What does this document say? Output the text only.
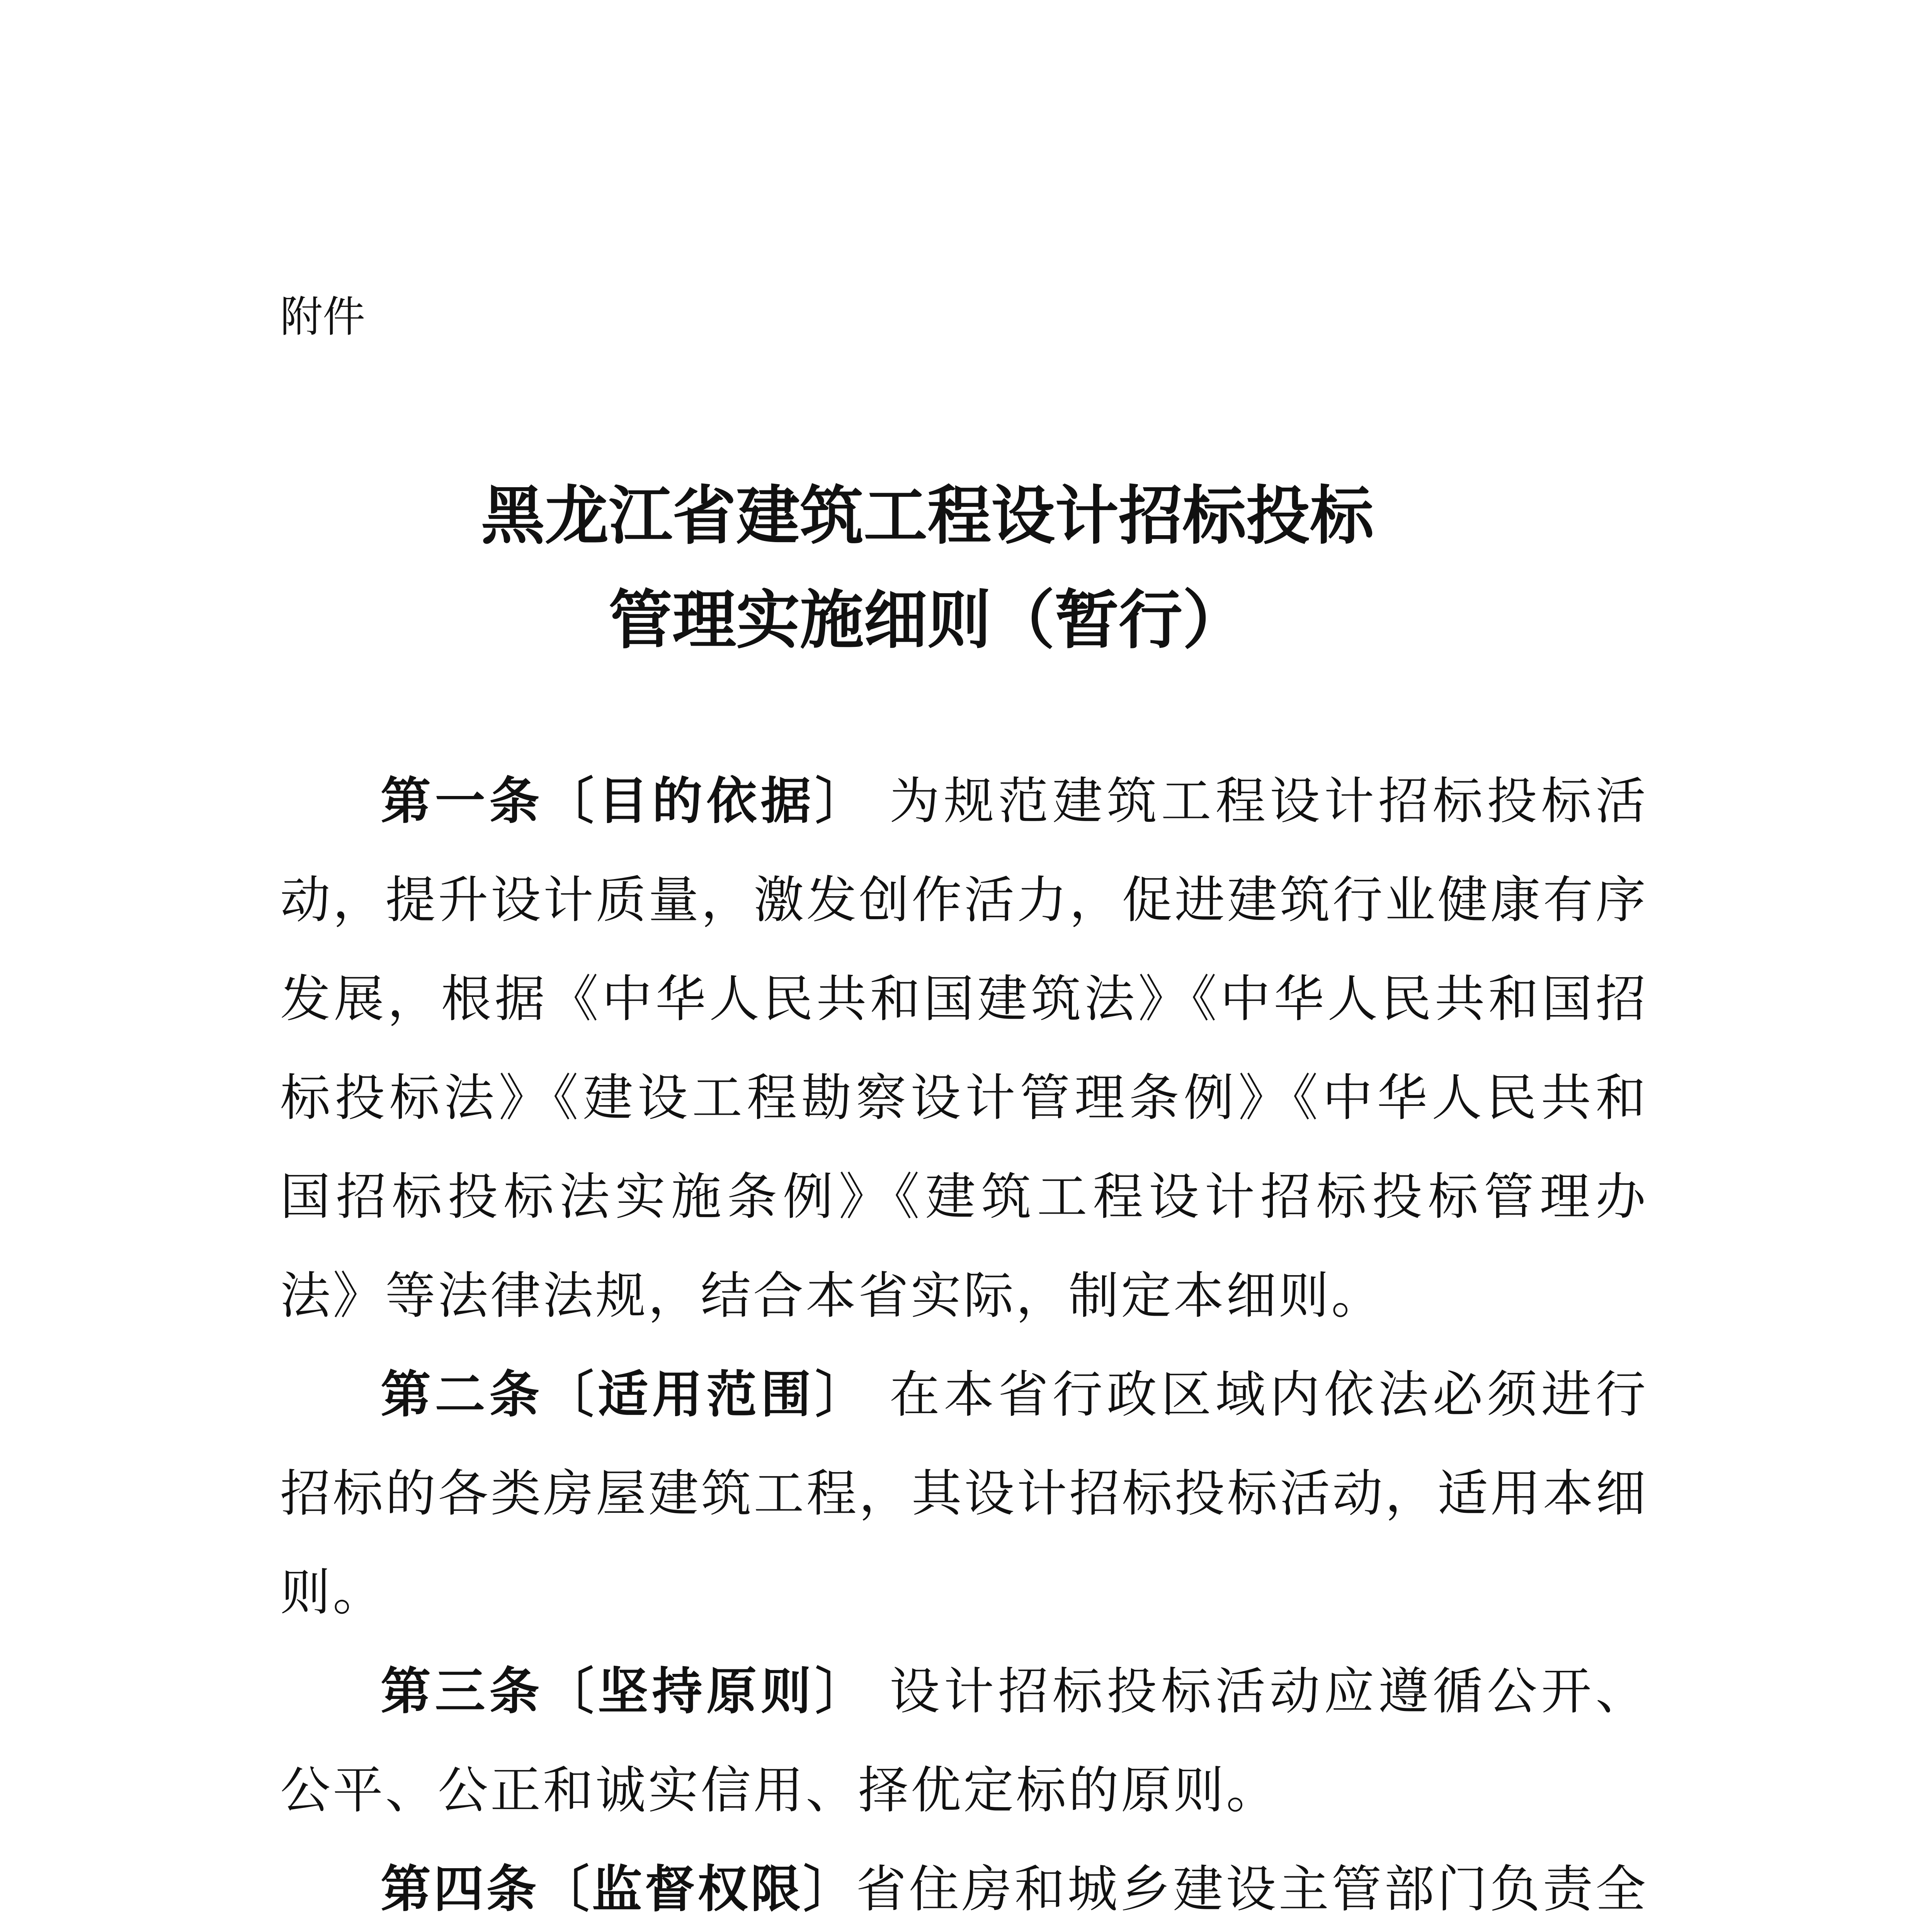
附件

黑龙江省建筑工程设计招标投标
管理实施细则（暂行）

第一条〔目的依据〕 为规范建筑工程设计招标投标活动，提升设计质量，激发创作活力，促进建筑行业健康有序发展，根据《中华人民共和国建筑法》《中华人民共和国招标投标法》《建设工程勘察设计管理条例》《中华人民共和国招标投标法实施条例》《建筑工程设计招标投标管理办法》等法律法规，结合本省实际，制定本细则。

第二条〔适用范围〕 在本省行政区域内依法必须进行招标的各类房屋建筑工程，其设计招标投标活动，适用本细则。

第三条〔坚持原则〕 设计招标投标活动应遵循公开、公平、公正和诚实信用、择优定标的原则。

第四条〔监督权限〕省住房和城乡建设主管部门负责全
